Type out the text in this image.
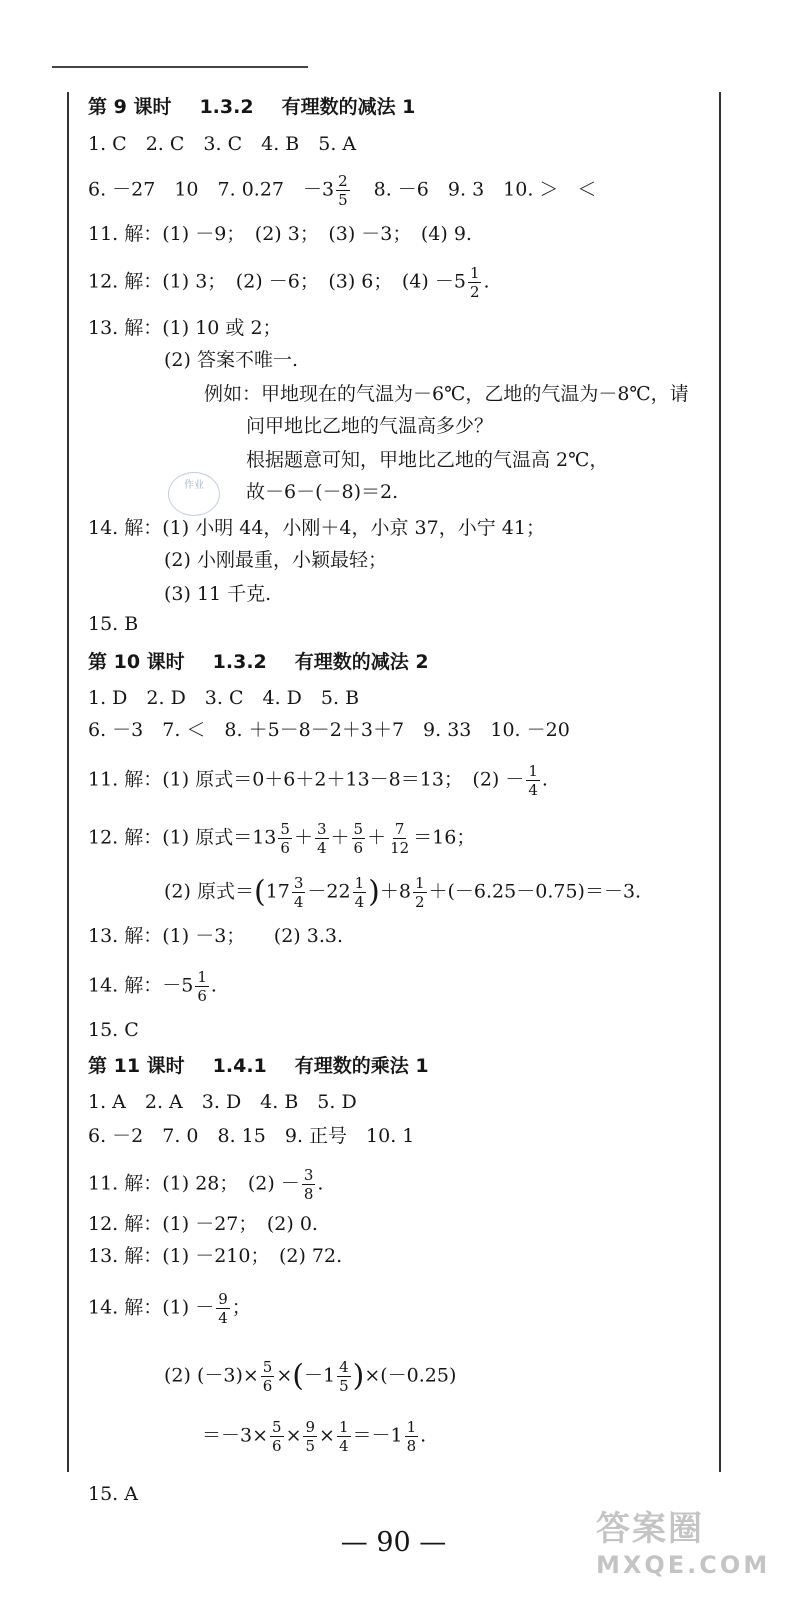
第 9 课时 1.3.2 有理数的减法 1
1. C　2. C　3. C　4. B　5. A
6. －27　10　7. 0.27　$-3 \frac{2}{5} 8$. －6　9. 3　10. ＞　＜
11. 解：(1) －9；　(2) 3；　(3) －3；　(4) 9.
12. 解：(1) 3；　(2) －6；　(3) 6；　$(4) -5 \frac{1}{2}$ .
13. 解：(1) 10 或 2；
(2) 答案不唯一.
例如：甲地现在的气温为－6℃，乙地的气温为－8℃，请
问甲地比乙地的气温高多少？
根据题意可知，甲地比乙地的气温高 2℃，
故－6－(－8)＝2.
作业
14. 解：(1) 小明 44，小刚＋4，小京 37，小宁 41；
(2) 小刚最重，小颖最轻；
(3) 11 千克.
15. B
第 10 课时 1.3.2 有理数的减法 2
1. D　2. D　3. C　4. D　5. B
6. －3　7. ＜　8. ＋5－8－2＋3＋7　9. 33　10. －20
11. 解：(1) 原式＝0＋6＋2＋13－8＝13；　$(2) - \frac{1}{4}$ .
12. 解：(1) 原式$=13 \frac{5}{6} + \frac{3}{4} + \frac{5}{6} + \frac{7}{12} =16$；
(2) 原式$=(17 \frac{3}{4} -22 \frac{1}{4} )+8 \frac{1}{2} +(-6.25-0.75)=-3$.
13. 解：(1) －3；　　(2) 3.3.
14. 解：$-5 \frac{1}{6}$ .
15. C
第 11 课时 1.4.1 有理数的乘法 1
1. A　2. A　3. D　4. B　5. D
6. －2　7. 0　8. 15　9. 正号　10. 1
11. 解：(1) 28；　$(2) - \frac{3}{8}$ .
12. 解：(1) －27；　(2) 0.
13. 解：(1) －210；　(2) 72.
14. 解：$(1) - \frac{9}{4}$ ；
(2) $(-3)\times \frac{5}{6} \times(-1 \frac{4}{5} )\times(-0.25)$
$=-3\times \frac{5}{6} \times \frac{9}{5} \times \frac{1}{4} =-1 \frac{1}{8}$ .
15. A
— 90 —	答案圈
MXQE.COM
